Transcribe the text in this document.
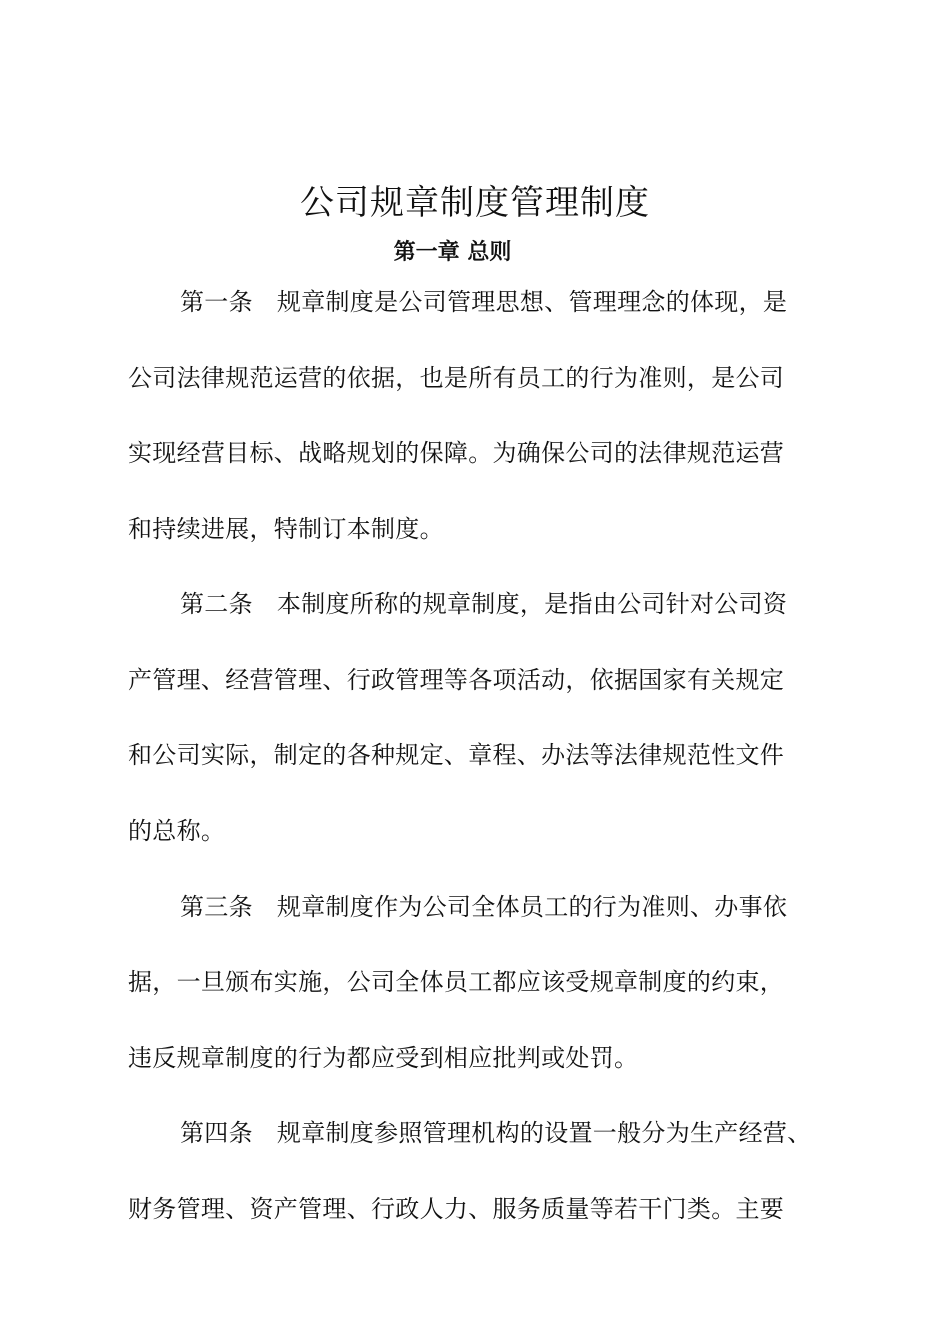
公司规章制度管理制度
第一章 总则
第一条 规章制度是公司管理思想、管理理念的体现，是
公司法律规范运营的依据，也是所有员工的行为准则，是公司
实现经营目标、战略规划的保障。为确保公司的法律规范运营
和持续进展，特制订本制度。
第二条 本制度所称的规章制度，是指由公司针对公司资
产管理、经营管理、行政管理等各项活动，依据国家有关规定
和公司实际，制定的各种规定、章程、办法等法律规范性文件
的总称。
第三条 规章制度作为公司全体员工的行为准则、办事依
据，一旦颁布实施，公司全体员工都应该受规章制度的约束，
违反规章制度的行为都应受到相应批判或处罚。
第四条 规章制度参照管理机构的设置一般分为生产经营、
财务管理、资产管理、行政人力、服务质量等若干门类。主要
